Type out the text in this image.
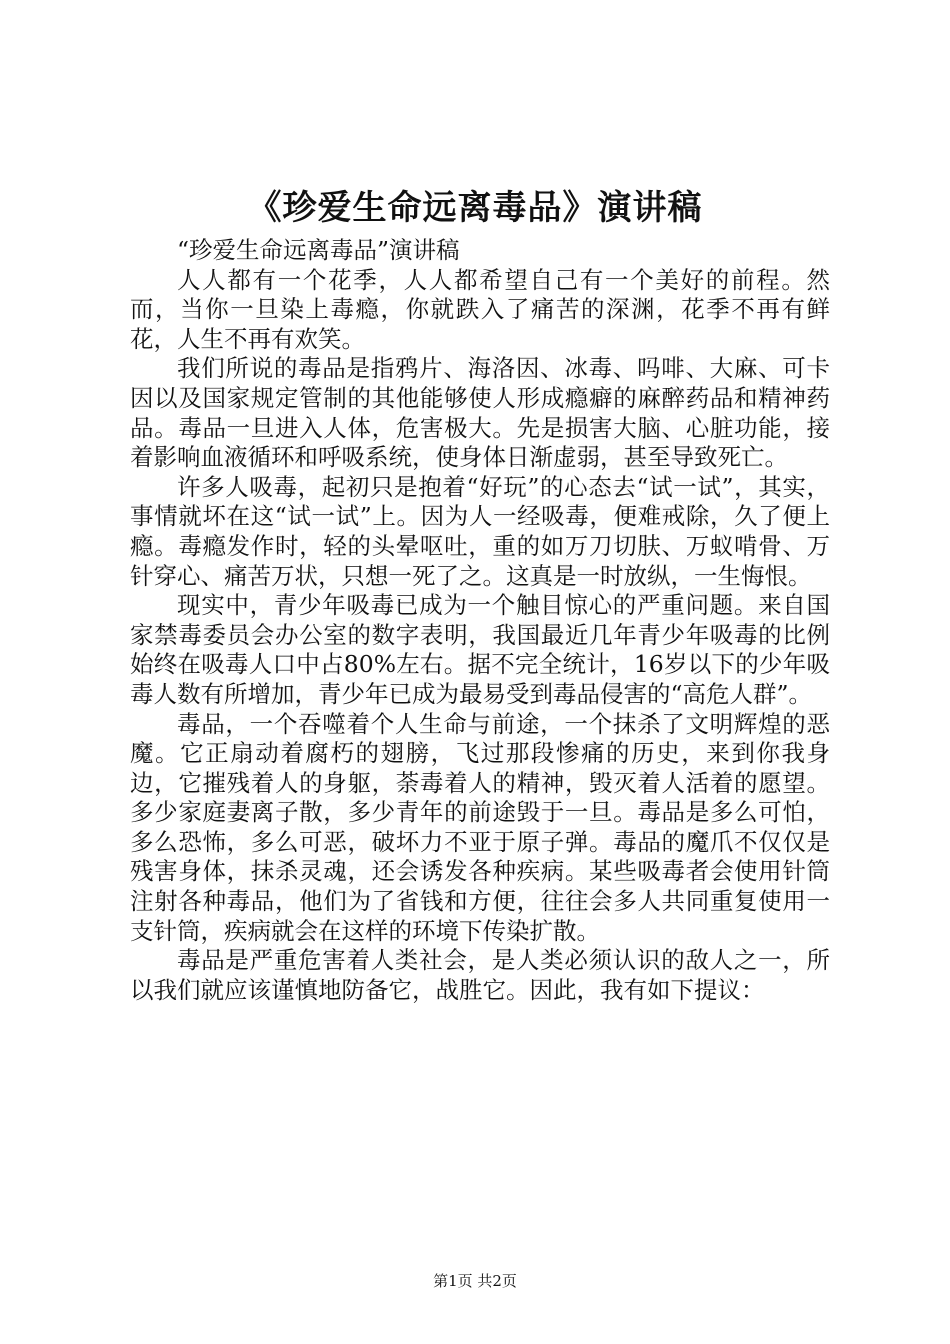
《珍爱生命远离毒品》演讲稿

“珍爱生命远离毒品”演讲稿

人人都有一个花季，人人都希望自己有一个美好的前程。然而，当你一旦染上毒瘾，你就跌入了痛苦的深渊，花季不再有鲜花，人生不再有欢笑。

我们所说的毒品是指鸦片、海洛因、冰毒、吗啡、大麻、可卡因以及国家规定管制的其他能够使人形成瘾癖的麻醉药品和精神药品。毒品一旦进入人体，危害极大。先是损害大脑、心脏功能，接着影响血液循环和呼吸系统，使身体日渐虚弱，甚至导致死亡。

许多人吸毒，起初只是抱着“好玩”的心态去“试一试”，其实，事情就坏在这“试一试”上。因为人一经吸毒，便难戒除，久了便上瘾。毒瘾发作时，轻的头晕呕吐，重的如万刀切肤、万蚁啃骨、万针穿心、痛苦万状，只想一死了之。这真是一时放纵，一生悔恨。

现实中，青少年吸毒已成为一个触目惊心的严重问题。来自国家禁毒委员会办公室的数字表明，我国最近几年青少年吸毒的比例始终在吸毒人口中占80%左右。据不完全统计，16岁以下的少年吸毒人数有所增加，青少年已成为最易受到毒品侵害的“高危人群”。

毒品，一个吞噬着个人生命与前途，一个抹杀了文明辉煌的恶魔。它正扇动着腐朽的翅膀，飞过那段惨痛的历史，来到你我身边，它摧残着人的身躯，荼毒着人的精神，毁灭着人活着的愿望。多少家庭妻离子散，多少青年的前途毁于一旦。毒品是多么可怕，多么恐怖，多么可恶，破坏力不亚于原子弹。毒品的魔爪不仅仅是残害身体，抹杀灵魂，还会诱发各种疾病。某些吸毒者会使用针筒注射各种毒品，他们为了省钱和方便，往往会多人共同重复使用一支针筒，疾病就会在这样的环境下传染扩散。

毒品是严重危害着人类社会，是人类必须认识的敌人之一，所以我们就应该谨慎地防备它，战胜它。因此，我有如下提议：

第1页 共2页
